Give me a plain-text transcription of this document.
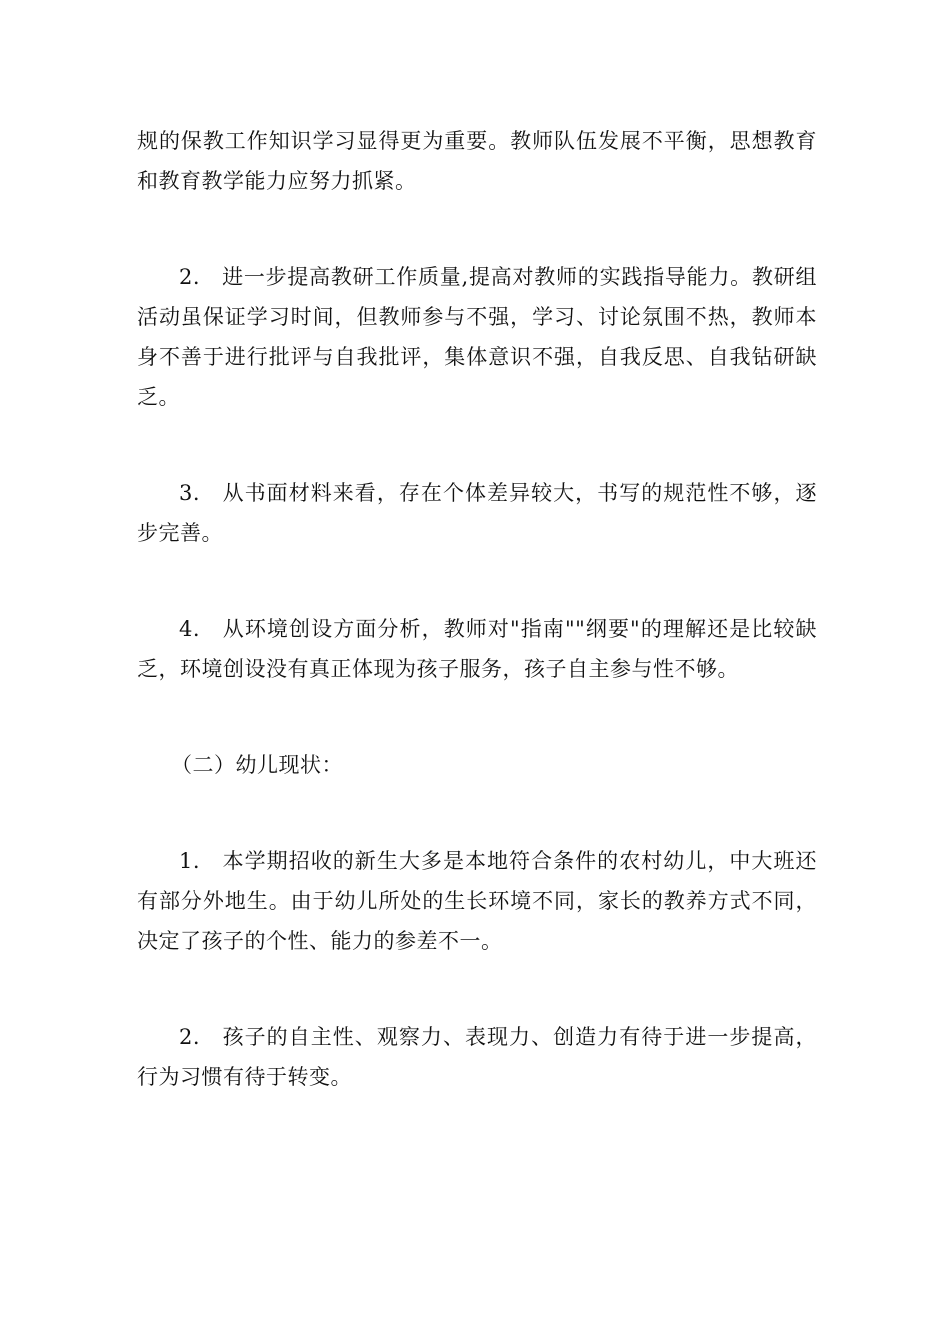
规的保教工作知识学习显得更为重要。教师队伍发展不平衡，思想教育和教育教学能力应努力抓紧。

2.　进一步提高教研工作质量,提高对教师的实践指导能力。教研组活动虽保证学习时间，但教师参与不强，学习、讨论氛围不热，教师本身不善于进行批评与自我批评，集体意识不强，自我反思、自我钻研缺乏。

3.　从书面材料来看，存在个体差异较大，书写的规范性不够，逐步完善。

4.　从环境创设方面分析，教师对"指南""纲要"的理解还是比较缺乏，环境创设没有真正体现为孩子服务，孩子自主参与性不够。

（二）幼儿现状：

1.　本学期招收的新生大多是本地符合条件的农村幼儿，中大班还有部分外地生。由于幼儿所处的生长环境不同，家长的教养方式不同，决定了孩子的个性、能力的参差不一。

2.　孩子的自主性、观察力、表现力、创造力有待于进一步提高，行为习惯有待于转变。
